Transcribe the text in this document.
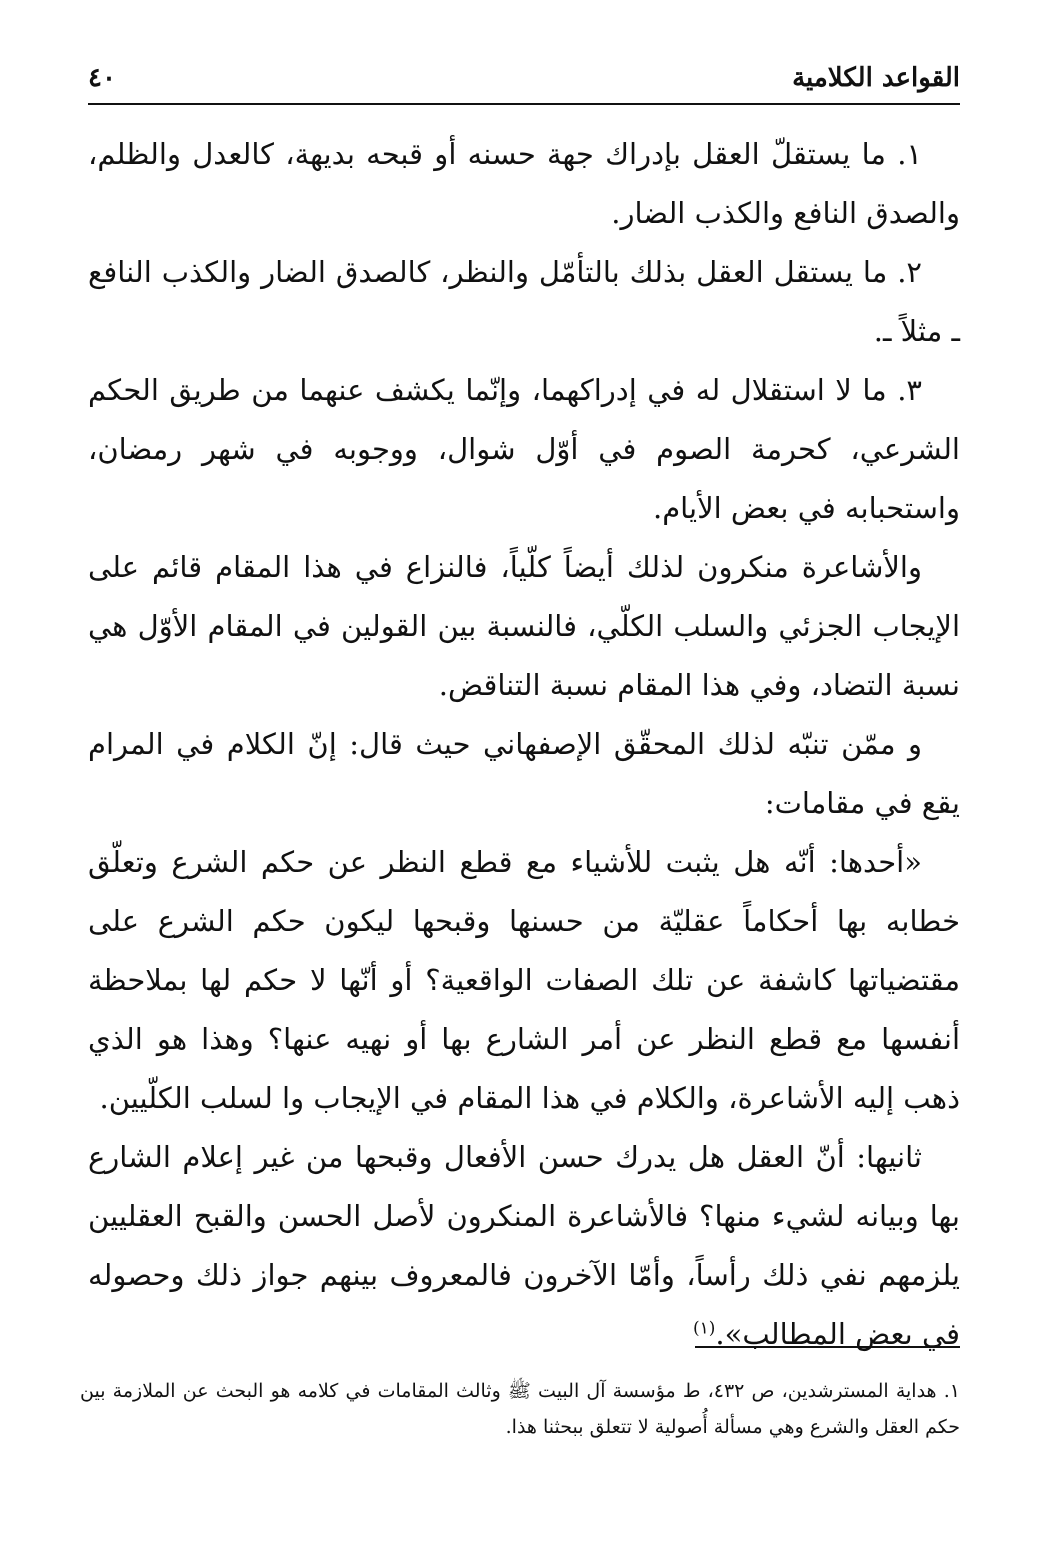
القواعد الكلامية
٤٠

١. ما يستقلّ العقل بإدراك جهة حسنه أو قبحه بديهة، كالعدل والظلم، والصدق النافع والكذب الضار.

٢. ما يستقل العقل بذلك بالتأمّل والنظر، كالصدق الضار والكذب النافع ـ مثلاً ـ.

٣. ما لا استقلال له في إدراكهما، وإنّما يكشف عنهما من طريق الحكم الشرعي، كحرمة الصوم في أوّل شوال، ووجوبه في شهر رمضان، واستحبابه في بعض الأيام.

والأشاعرة منكرون لذلك أيضاً كلّياً، فالنزاع في هذا المقام قائم على الإيجاب الجزئي والسلب الكلّي، فالنسبة بين القولين في المقام الأوّل هي نسبة التضاد، وفي هذا المقام نسبة التناقض.

و ممّن تنبّه لذلك المحقّق الإصفهاني حيث قال: إنّ الكلام في المرام يقع في مقامات:

«أحدها: أنّه هل يثبت للأشياء مع قطع النظر عن حكم الشرع وتعلّق خطابه بها أحكاماً عقليّة من حسنها وقبحها ليكون حكم الشرع على مقتضياتها كاشفة عن تلك الصفات الواقعية؟ أو أنّها لا حكم لها بملاحظة أنفسها مع قطع النظر عن أمر الشارع بها أو نهيه عنها؟ وهذا هو الذي ذهب إليه الأشاعرة، والكلام في هذا المقام في الإيجاب وا لسلب الكلّيين.

ثانيها: أنّ العقل هل يدرك حسن الأفعال وقبحها من غير إعلام الشارع بها وبيانه لشيء منها؟ فالأشاعرة المنكرون لأصل الحسن والقبح العقليين يلزمهم نفي ذلك رأساً، وأمّا الآخرون فالمعروف بينهم جواز ذلك وحصوله في بعض المطالب».$^{(١)}$

١. هداية المسترشدين، ص ٤٣٢، ط مؤسسة آل البيت ﷺ وثالث المقامات في كلامه هو البحث عن الملازمة بين حكم العقل والشرع وهي مسألة أُصولية لا تتعلق ببحثنا هذا.
